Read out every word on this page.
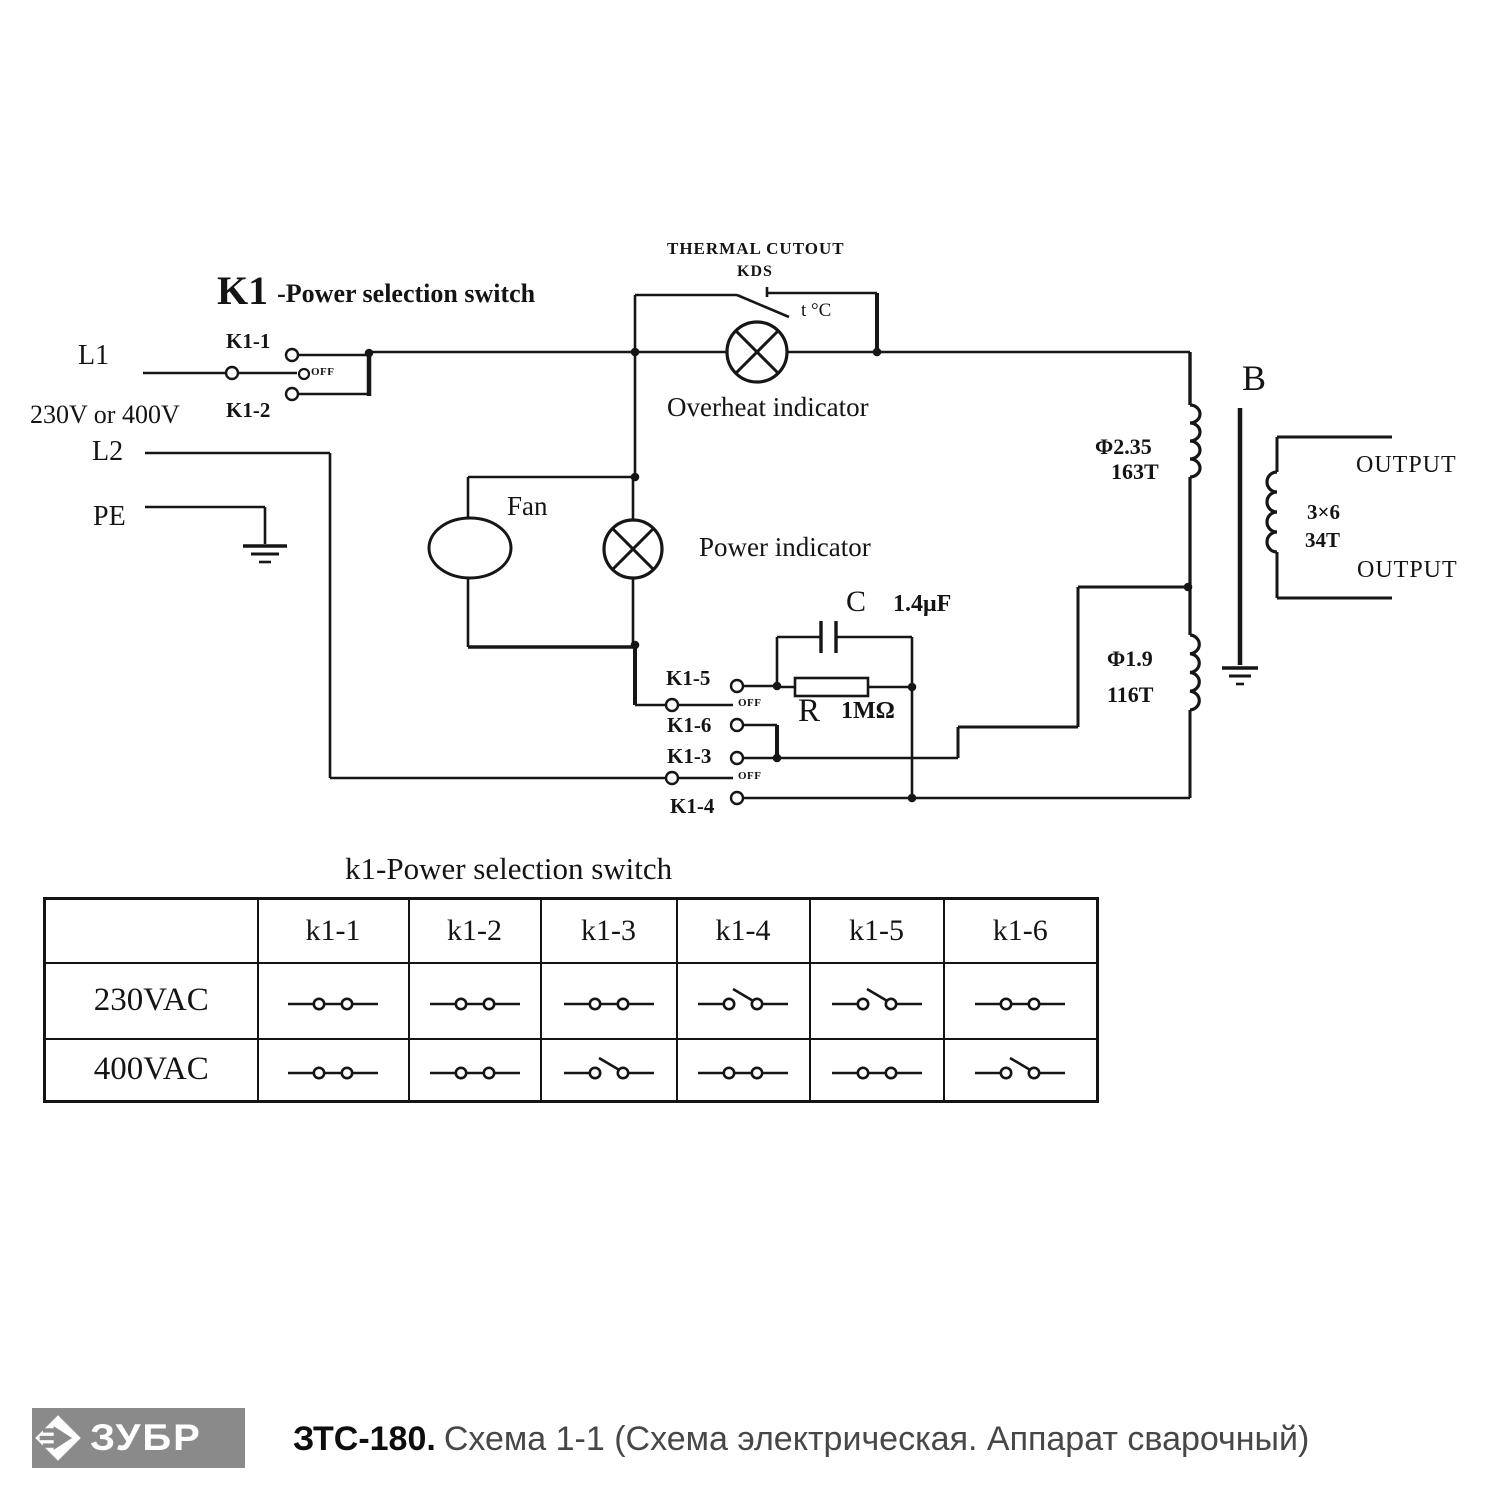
L1
230V or 400V
L2
PE
K1 -Power selection switch
K1-1
OFF
K1-2
THERMAL CUTOUT
KDS
t °C
Overheat indicator
Fan
Power indicator
C 1.4μF
R 1MΩ
K1-5
OFF
K1-6
K1-3
OFF
K1-4
Φ2.35
163T
Φ1.9
116T
B
OUTPUT
3×6
34T
OUTPUT
k1-Power selection switch
	k1-1	k1-2	k1-3	k1-4	k1-5	k1-6
230VAC	

400VAC	

ЗУБР	ЗТС-180. Схема 1-1 (Схема электрическая. Аппарат сварочный)
